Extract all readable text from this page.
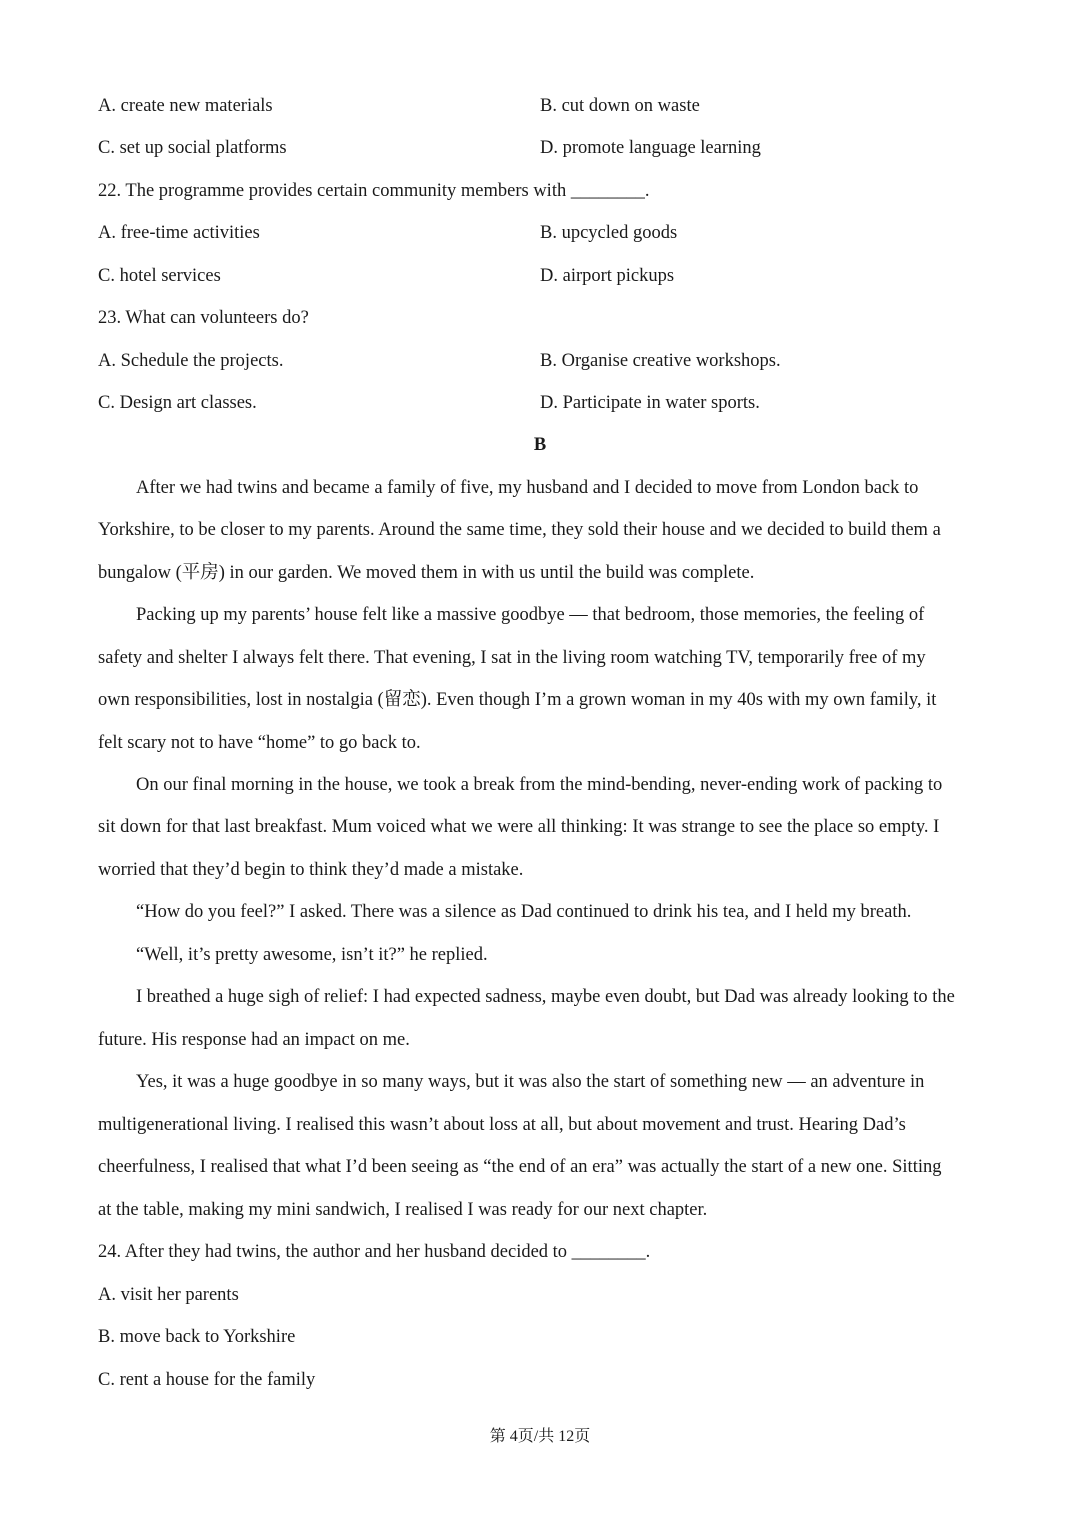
A. create new materials	B. cut down on waste
C. set up social platforms	D. promote language learning
22. The programme provides certain community members with ________.
A. free-time activities	B. upcycled goods
C. hotel services	D. airport pickups
23. What can volunteers do?
A. Schedule the projects.	B. Organise creative workshops.
C. Design art classes.	D. Participate in water sports.
B
After we had twins and became a family of five, my husband and I decided to move from London back to
Yorkshire, to be closer to my parents. Around the same time, they sold their house and we decided to build them a
bungalow (平房) in our garden. We moved them in with us until the build was complete.
Packing up my parents’ house felt like a massive goodbye — that bedroom, those memories, the feeling of
safety and shelter I always felt there. That evening, I sat in the living room watching TV, temporarily free of my
own responsibilities, lost in nostalgia (留恋). Even though I’m a grown woman in my 40s with my own family, it
felt scary not to have “home” to go back to.
On our final morning in the house, we took a break from the mind-bending, never-ending work of packing to
sit down for that last breakfast. Mum voiced what we were all thinking: It was strange to see the place so empty. I
worried that they’d begin to think they’d made a mistake.
“How do you feel?” I asked. There was a silence as Dad continued to drink his tea, and I held my breath.
“Well, it’s pretty awesome, isn’t it?” he replied.
I breathed a huge sigh of relief: I had expected sadness, maybe even doubt, but Dad was already looking to the
future. His response had an impact on me.
Yes, it was a huge goodbye in so many ways, but it was also the start of something new — an adventure in
multigenerational living. I realised this wasn’t about loss at all, but about movement and trust. Hearing Dad’s
cheerfulness, I realised that what I’d been seeing as “the end of an era” was actually the start of a new one. Sitting
at the table, making my mini sandwich, I realised I was ready for our next chapter.
24. After they had twins, the author and her husband decided to ________.
A. visit her parents
B. move back to Yorkshire
C. rent a house for the family
第 4页/共 12页
